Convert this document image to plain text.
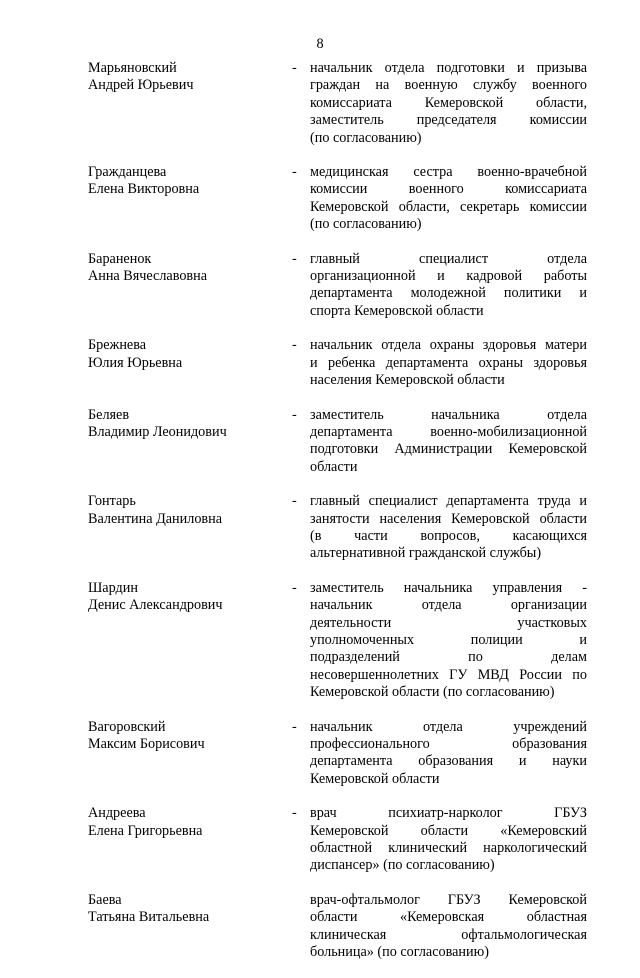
8
Марьяновский
Андрей Юрьевич
- начальник отдела подготовки и призыва
граждан на военную службу военного
комиссариата Кемеровской области,
заместитель председателя комиссии
(по согласованию)
Гражданцева
Елена Викторовна
- медицинская сестра военно-врачебной
комиссии военного комиссариата
Кемеровской области, секретарь комиссии
(по согласованию)
Бараненок
Анна Вячеславовна
- главный специалист отдела
организационной и кадровой работы
департамента молодежной политики и
спорта Кемеровской области
Брежнева
Юлия Юрьевна
- начальник отдела охраны здоровья матери
и ребенка департамента охраны здоровья
населения Кемеровской области
Беляев
Владимир Леонидович
- заместитель начальника отдела
департамента военно-мобилизационной
подготовки Администрации Кемеровской
области
Гонтарь
Валентина Даниловна
- главный специалист департамента труда и
занятости населения Кемеровской области
(в части вопросов, касающихся
альтернативной гражданской службы)
Шардин
Денис Александрович
- заместитель начальника управления -
начальник отдела организации
деятельности участковых
уполномоченных полиции и
подразделений по делам
несовершеннолетних ГУ МВД России по
Кемеровской области (по согласованию)
Вагоровский
Максим Борисович
- начальник отдела учреждений
профессионального образования
департамента образования и науки
Кемеровской области
Андреева
Елена Григорьевна
- врач психиатр-нарколог ГБУЗ
Кемеровской области «Кемеровский
областной клинический наркологический
диспансер» (по согласованию)
Баева
Татьяна Витальевна
врач-офтальмолог ГБУЗ Кемеровской
области «Кемеровская областная
клиническая офтальмологическая
больница» (по согласованию)
